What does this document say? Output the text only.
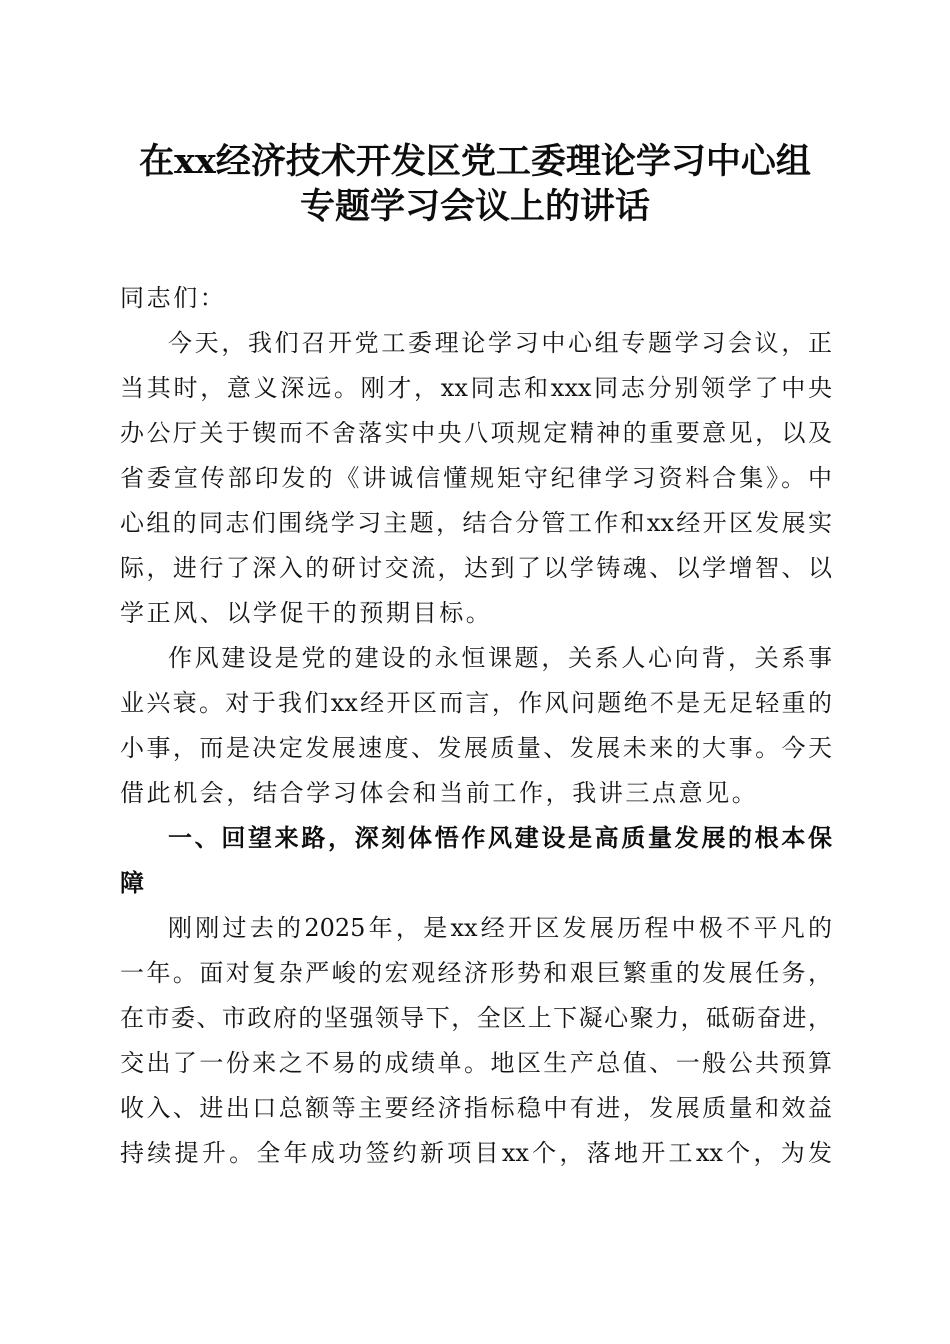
在xx经济技术开发区党工委理论学习中心组
专题学习会议上的讲话
同志们：
今天，我们召开党工委理论学习中心组专题学习会议，正
当其时，意义深远。刚才，xx同志和xxx同志分别领学了中央
办公厅关于锲而不舍落实中央八项规定精神的重要意见，以及
省委宣传部印发的《讲诚信懂规矩守纪律学习资料合集》。中
心组的同志们围绕学习主题，结合分管工作和xx经开区发展实
际，进行了深入的研讨交流，达到了以学铸魂、以学增智、以
学正风、以学促干的预期目标。
作风建设是党的建设的永恒课题，关系人心向背，关系事
业兴衰。对于我们xx经开区而言，作风问题绝不是无足轻重的
小事，而是决定发展速度、发展质量、发展未来的大事。今天
借此机会，结合学习体会和当前工作，我讲三点意见。
一、回望来路，深刻体悟作风建设是高质量发展的根本保
障
刚刚过去的2025年，是xx经开区发展历程中极不平凡的
一年。面对复杂严峻的宏观经济形势和艰巨繁重的发展任务，
在市委、市政府的坚强领导下，全区上下凝心聚力，砥砺奋进，
交出了一份来之不易的成绩单。地区生产总值、一般公共预算
收入、进出口总额等主要经济指标稳中有进，发展质量和效益
持续提升。全年成功签约新项目xx个，落地开工xx个，为发
